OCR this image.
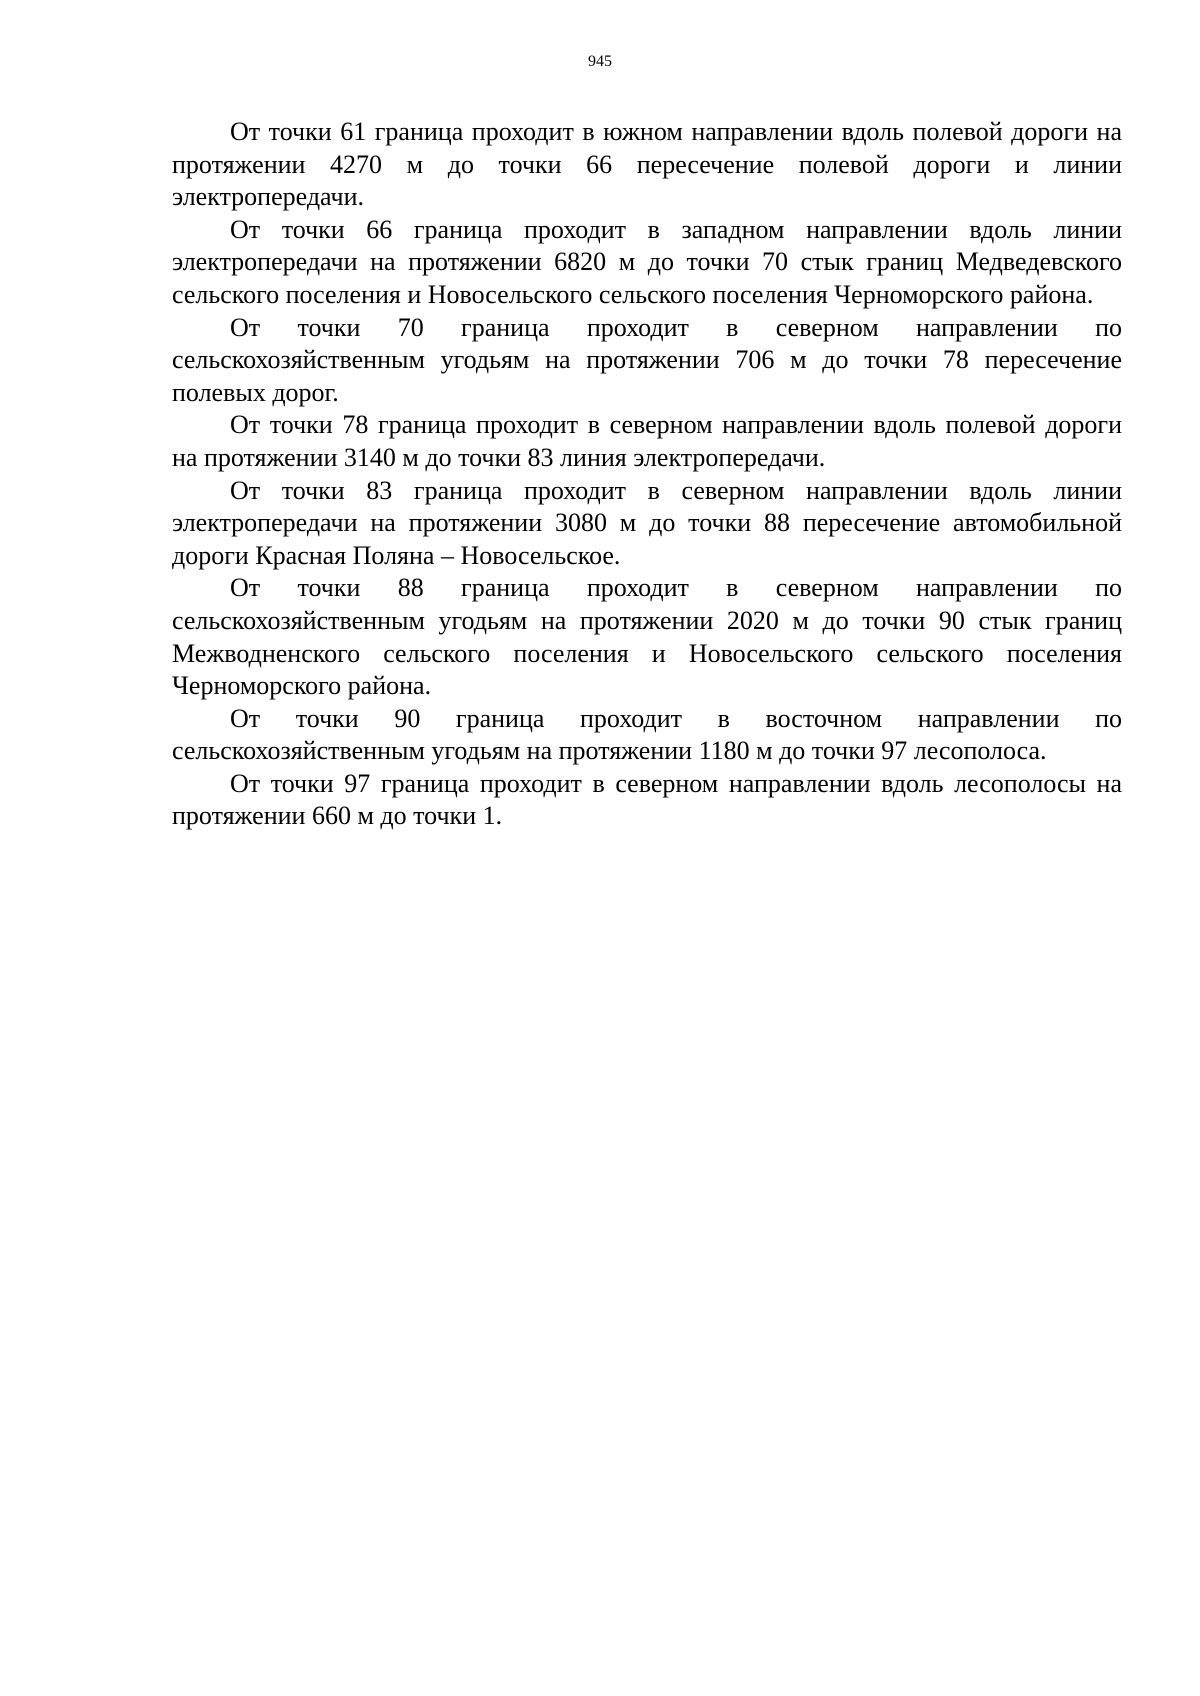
945

От точки 61 граница проходит в южном направлении вдоль полевой дороги на протяжении 4270 м до точки 66 пересечение полевой дороги и линии электропередачи.

От точки 66 граница проходит в западном направлении вдоль линии электропередачи на протяжении 6820 м до точки 70 стык границ Медведевского сельского поселения и Новосельского сельского поселения Черноморского района.

От точки 70 граница проходит в северном направлении по сельскохозяйственным угодьям на протяжении 706 м до точки 78 пересечение полевых дорог.

От точки 78 граница проходит в северном направлении вдоль полевой дороги на протяжении 3140 м до точки 83 линия электропередачи.

От точки 83 граница проходит в северном направлении вдоль линии электропередачи на протяжении 3080 м до точки 88 пересечение автомобильной дороги Красная Поляна – Новосельское.

От точки 88 граница проходит в северном направлении по сельскохозяйственным угодьям на протяжении 2020 м до точки 90 стык границ Межводненского сельского поселения и Новосельского сельского поселения Черноморского района.

От точки 90 граница проходит в восточном направлении по сельскохозяйственным угодьям на протяжении 1180 м до точки 97 лесополоса.

От точки 97 граница проходит в северном направлении вдоль лесополосы на протяжении 660 м до точки 1.
